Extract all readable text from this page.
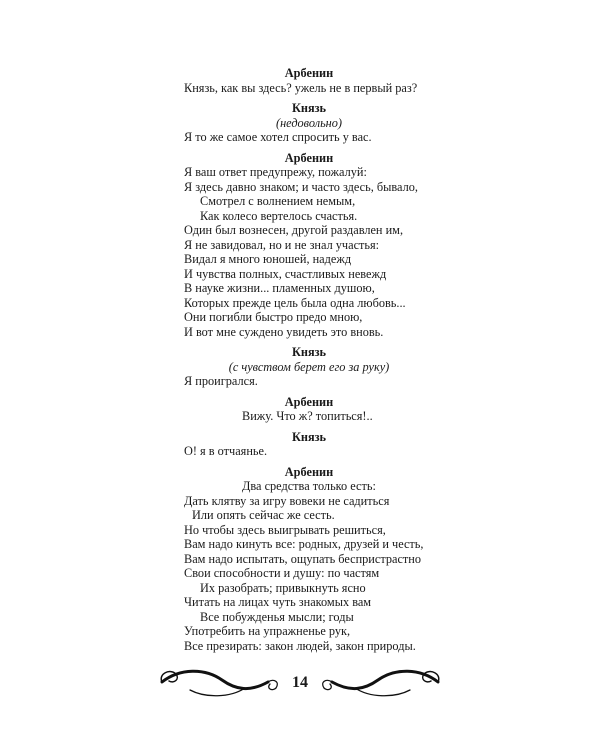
Арбенин
Князь, как вы здесь? ужель не в первый раз?
Князь
(недовольно)
Я то же самое хотел спросить у вас.
Арбенин
Я ваш ответ предупрежу, пожалуй:
Я здесь давно знаком; и часто здесь, бывало,
Смотрел с волнением немым,
Как колесо вертелось счастья.
Один был вознесен, другой раздавлен им,
Я не завидовал, но и не знал участья:
Видал я много юношей, надежд
И чувства полных, счастливых невежд
В науке жизни... пламенных душою,
Которых прежде цель была одна любовь...
Они погибли быстро предо мною,
И вот мне суждено увидеть это вновь.
Князь
(с чувством берет его за руку)
Я проигрался.
Арбенин
Вижу. Что ж? топиться!..
Князь
О! я в отчаянье.
Арбенин
Два средства только есть:
Дать клятву за игру вовеки не садиться
Или опять сейчас же сесть.
Но чтобы здесь выигрывать решиться,
Вам надо кинуть все: родных, друзей и честь,
Вам надо испытать, ощупать беспристрастно
Свои способности и душу: по частям
Их разобрать; привыкнуть ясно
Читать на лицах чуть знакомых вам
Все побужденья мысли; годы
Употребить на упражненье рук,
Все презирать: закон людей, закон природы.
14
